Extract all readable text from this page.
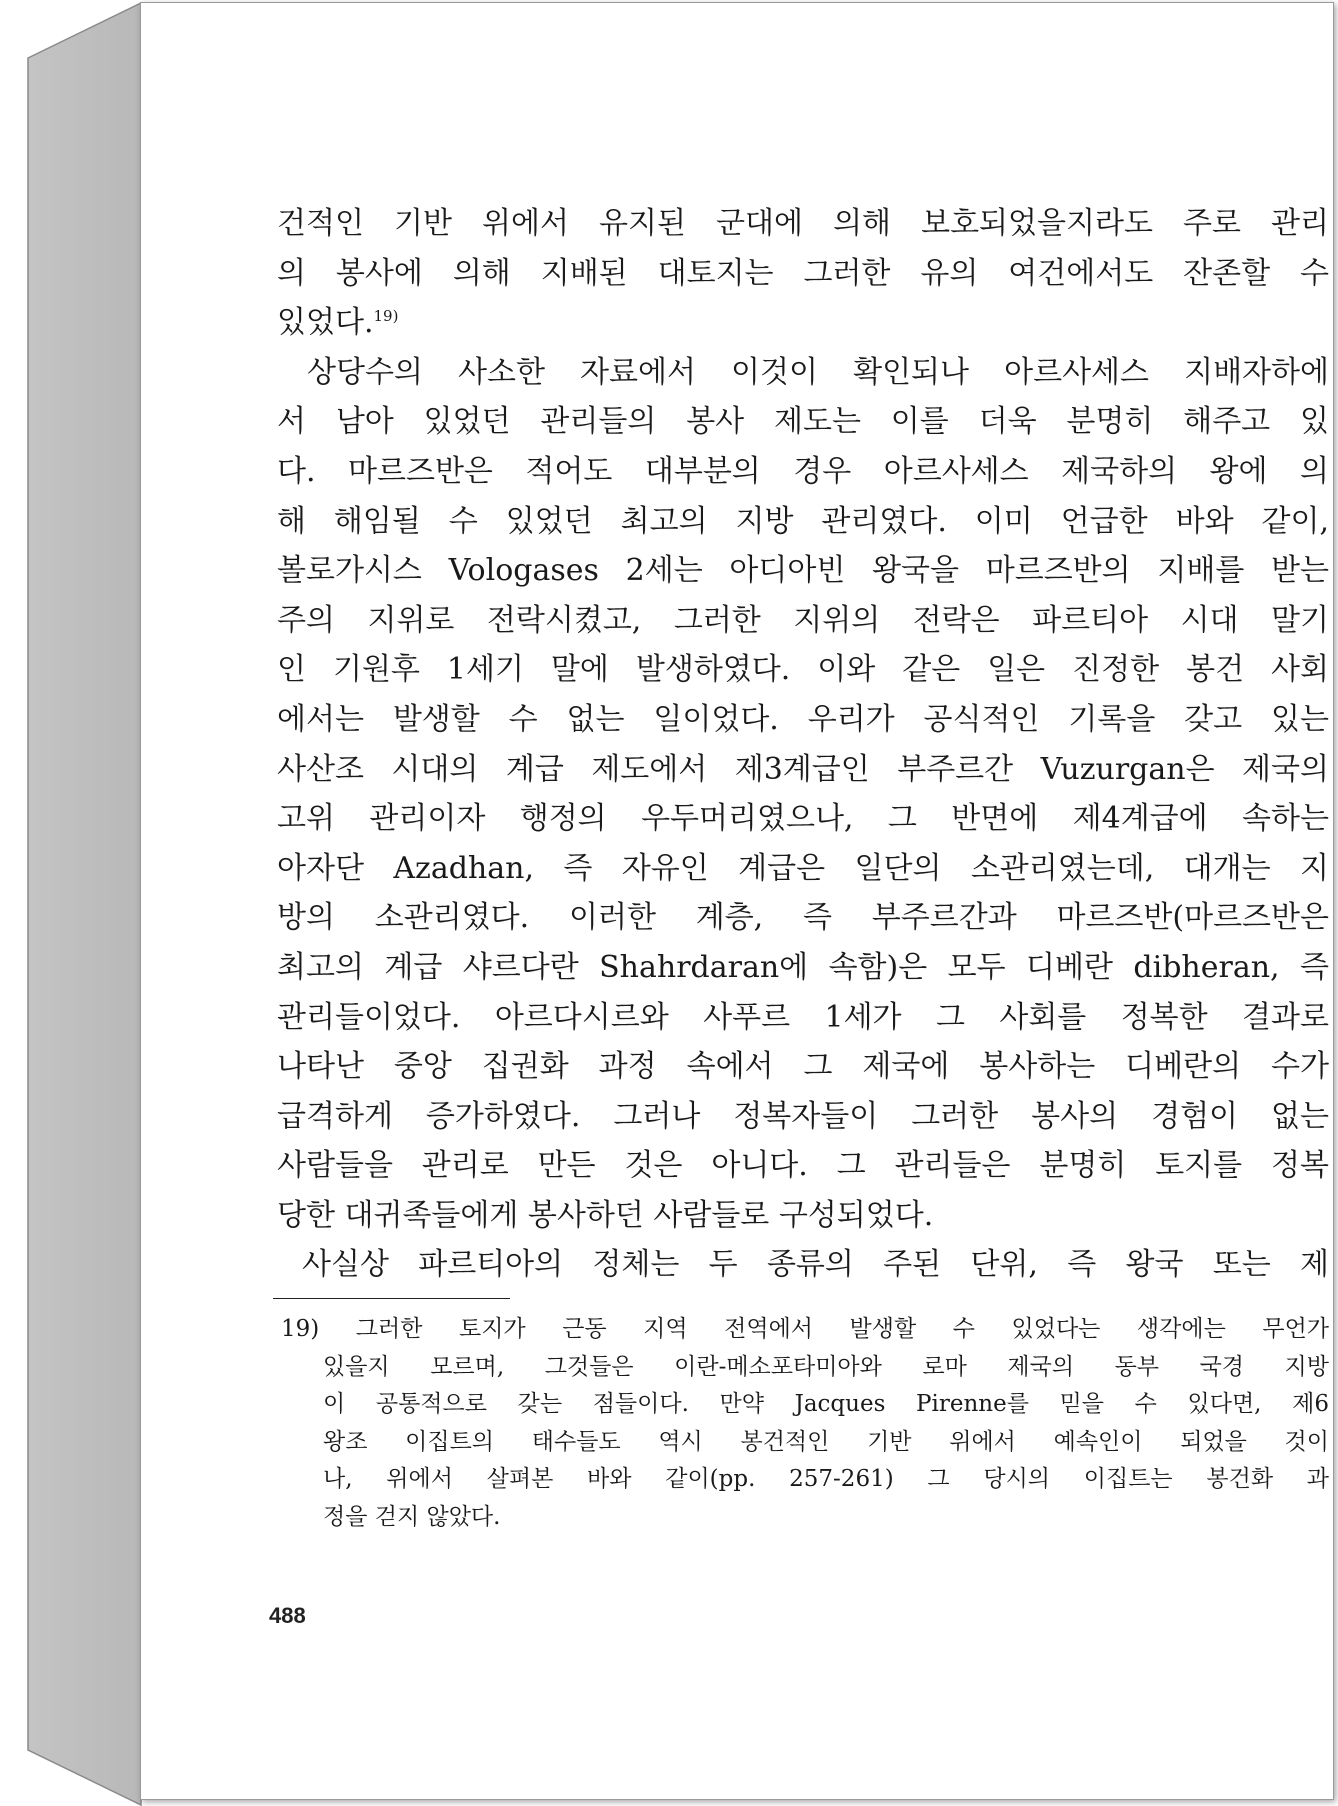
건적인 기반 위에서 유지된 군대에 의해 보호되었을지라도 주로 관리
의 봉사에 의해 지배된 대토지는 그러한 유의 여건에서도 잔존할 수
있었다.$^{19)}$
상당수의 사소한 자료에서 이것이 확인되나 아르사세스 지배자하에
서 남아 있었던 관리들의 봉사 제도는 이를 더욱 분명히 해주고 있
다. 마르즈반은 적어도 대부분의 경우 아르사세스 제국하의 왕에 의
해 해임될 수 있었던 최고의 지방 관리였다. 이미 언급한 바와 같이,
볼로가시스 Vologases 2세는 아디아빈 왕국을 마르즈반의 지배를 받는
주의 지위로 전락시켰고, 그러한 지위의 전락은 파르티아 시대 말기
인 기원후 1세기 말에 발생하였다. 이와 같은 일은 진정한 봉건 사회
에서는 발생할 수 없는 일이었다. 우리가 공식적인 기록을 갖고 있는
사산조 시대의 계급 제도에서 제3계급인 부주르간 Vuzurgan은 제국의
고위 관리이자 행정의 우두머리였으나, 그 반면에 제4계급에 속하는
아자단 Azadhan, 즉 자유인 계급은 일단의 소관리였는데, 대개는 지
방의 소관리였다. 이러한 계층, 즉 부주르간과 마르즈반(마르즈반은
최고의 계급 샤르다란 Shahrdaran에 속함)은 모두 디베란 dibheran, 즉
관리들이었다. 아르다시르와 사푸르 1세가 그 사회를 정복한 결과로
나타난 중앙 집권화 과정 속에서 그 제국에 봉사하는 디베란의 수가
급격하게 증가하였다. 그러나 정복자들이 그러한 봉사의 경험이 없는
사람들을 관리로 만든 것은 아니다. 그 관리들은 분명히 토지를 정복
당한 대귀족들에게 봉사하던 사람들로 구성되었다.
사실상 파르티아의 정체는 두 종류의 주된 단위, 즉 왕국 또는 제
19) 그러한 토지가 근동 지역 전역에서 발생할 수 있었다는 생각에는 무언가
있을지 모르며, 그것들은 이란-메소포타미아와 로마 제국의 동부 국경 지방
이 공통적으로 갖는 점들이다. 만약 Jacques Pirenne를 믿을 수 있다면, 제6
왕조 이집트의 태수들도 역시 봉건적인 기반 위에서 예속인이 되었을 것이
나, 위에서 살펴본 바와 같이(pp. 257-261) 그 당시의 이집트는 봉건화 과
정을 걷지 않았다.
488
